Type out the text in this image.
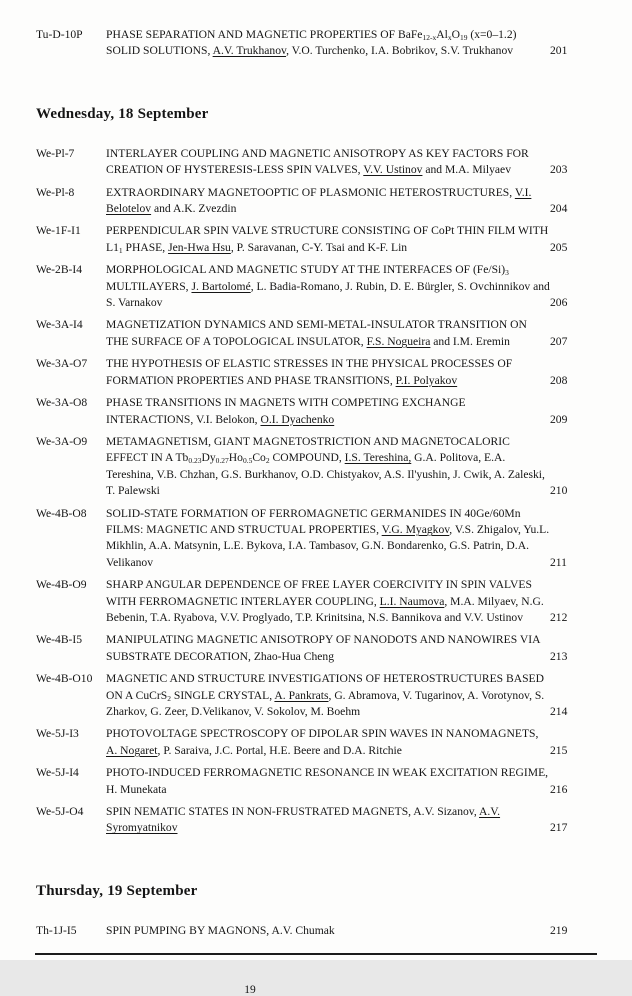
Tu-D-10P	PHASE SEPARATION AND MAGNETIC PROPERTIES OF $BaFe_{12-x}Al_xO_{19}$ (x=0–1.2) SOLID SOLUTIONS, A.V. Trukhanov, V.O. Turchenko, I.A. Bobrikov, S.V. Trukhanov	201
Wednesday, 18 September
We-Pl-7	INTERLAYER COUPLING AND MAGNETIC ANISOTROPY AS KEY FACTORS FOR CREATION OF HYSTERESIS-LESS SPIN VALVES, V.V. Ustinov and M.A. Milyaev	203
We-Pl-8	EXTRAORDINARY MAGNETOOPTIC OF PLASMONIC HETEROSTRUCTURES, V.I. Belotelov and A.K. Zvezdin	204
We-1F-I1	PERPENDICULAR SPIN VALVE STRUCTURE CONSISTING OF CoPt THIN FILM WITH $L1_1$ PHASE, Jen-Hwa Hsu, P. Saravanan, C-Y. Tsai and K-F. Lin	205
We-2B-I4	MORPHOLOGICAL AND MAGNETIC STUDY AT THE INTERFACES OF $(Fe/Si)_3$ MULTILAYERS, J. Bartolomé, L. Badia-Romano, J. Rubin, D. E. Bürgler, S. Ovchinnikov and S. Varnakov	206
We-3A-I4	MAGNETIZATION DYNAMICS AND SEMI-METAL-INSULATOR TRANSITION ON THE SURFACE OF A TOPOLOGICAL INSULATOR, F.S. Nogueira and I.M. Eremin	207
We-3A-O7	THE HYPOTHESIS OF ELASTIC STRESSES IN THE PHYSICAL PROCESSES OF FORMATION PROPERTIES AND PHASE TRANSITIONS, P.I. Polyakov	208
We-3A-O8	PHASE TRANSITIONS IN MAGNETS WITH COMPETING EXCHANGE INTERACTIONS, V.I. Belokon, O.I. Dyachenko	209
We-3A-O9	METAMAGNETISM, GIANT MAGNETOSTRICTION AND MAGNETOCALORIC EFFECT IN A $Tb_{0.23}Dy_{0.27}Ho_{0.5}Co_2$ COMPOUND, I.S. Tereshina, G.A. Politova, E.A. Tereshina, V.B. Chzhan, G.S. Burkhanov, O.D. Chistyakov, A.S. Il'yushin, J. Cwik, A. Zaleski, T. Palewski	210
We-4B-O8	SOLID-STATE FORMATION OF FERROMAGNETIC GERMANIDES IN 40Ge/60Mn FILMS: MAGNETIC AND STRUCTUAL PROPERTIES, V.G. Myagkov, V.S. Zhigalov, Yu.L. Mikhlin, A.A. Matsynin, L.E. Bykova, I.A. Tambasov, G.N. Bondarenko, G.S. Patrin, D.A. Velikanov	211
We-4B-O9	SHARP ANGULAR DEPENDENCE OF FREE LAYER COERCIVITY IN SPIN VALVES WITH FERROMAGNETIC INTERLAYER COUPLING, L.I. Naumova, M.A. Milyaev, N.G. Bebenin, T.A. Ryabova, V.V. Proglyado, T.P. Krinitsina, N.S. Bannikova and V.V. Ustinov	212
We-4B-I5	MANIPULATING MAGNETIC ANISOTROPY OF NANODOTS AND NANOWIRES VIA SUBSTRATE DECORATION, Zhao-Hua Cheng	213
We-4B-O10	MAGNETIC AND STRUCTURE INVESTIGATIONS OF HETEROSTRUCTURES BASED ON A CuCrS$_2$ SINGLE CRYSTAL, A. Pankrats, G. Abramova, V. Tugarinov, A. Vorotynov, S. Zharkov, G. Zeer, D.Velikanov, V. Sokolov, M. Boehm	214
We-5J-I3	PHOTOVOLTAGE SPECTROSCOPY OF DIPOLAR SPIN WAVES IN NANOMAGNETS, A. Nogaret, P. Saraiva, J.C. Portal, H.E. Beere and D.A. Ritchie	215
We-5J-I4	PHOTO-INDUCED FERROMAGNETIC RESONANCE IN WEAK EXCITATION REGIME, H. Munekata	216
We-5J-O4	SPIN NEMATIC STATES IN NON-FRUSTRATED MAGNETS, A.V. Sizanov, A.V. Syromyatnikov	217
Thursday, 19 September
Th-1J-I5	SPIN PUMPING BY MAGNONS, A.V. Chumak	219
19
